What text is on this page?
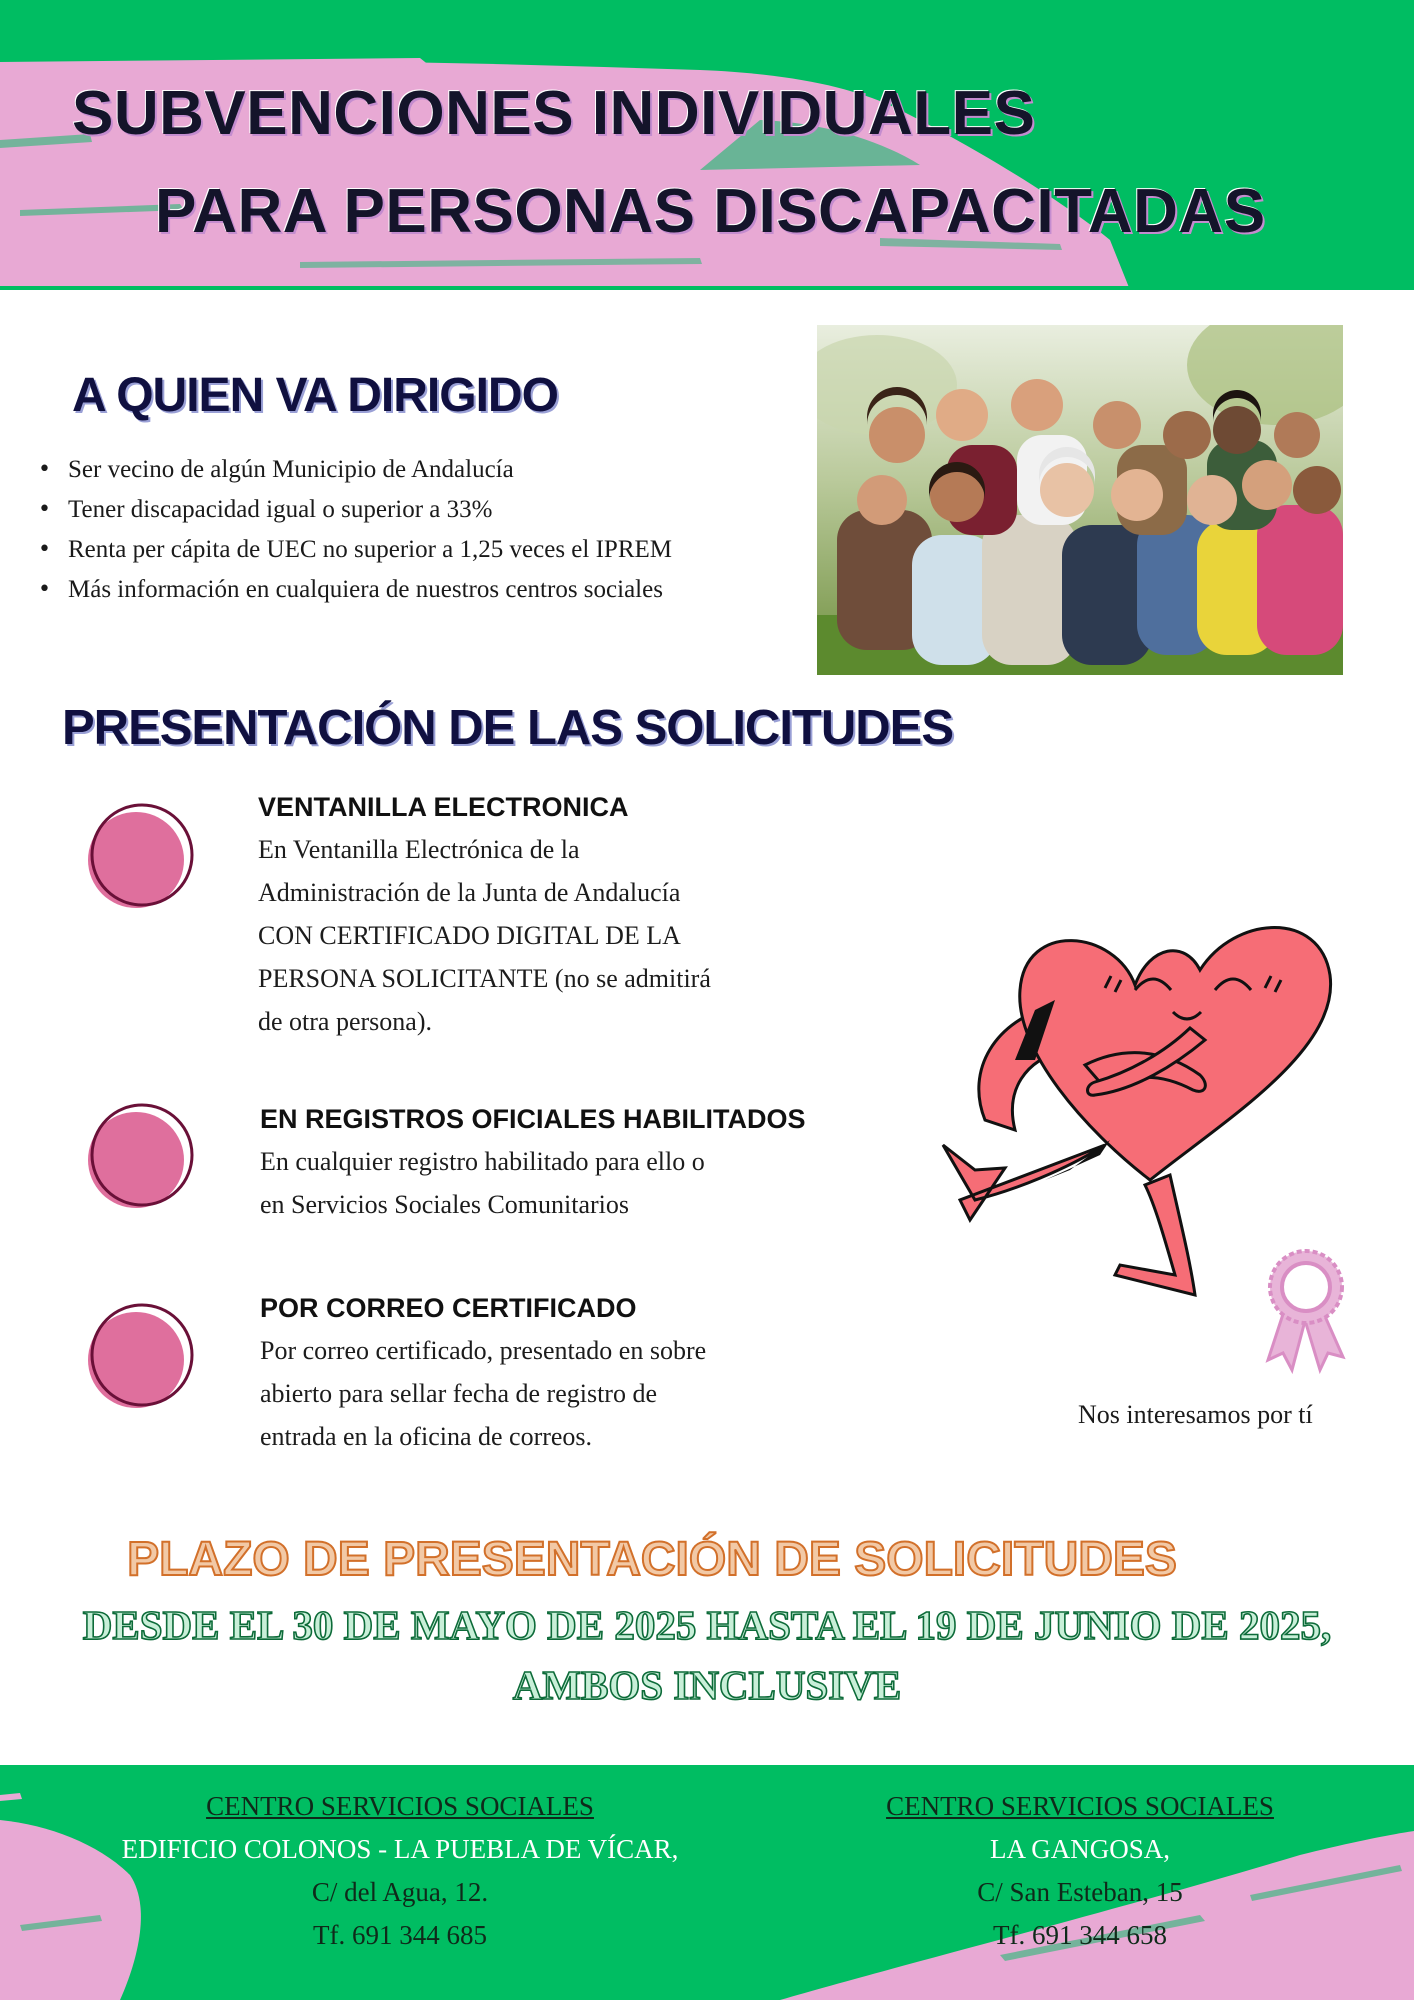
SUBVENCIONES INDIVIDUALES
PARA PERSONAS DISCAPACITADAS
A QUIEN VA DIRIGIDO
• Ser vecino de algún Municipio de Andalucía
• Tener discapacidad igual o superior a 33%
• Renta per cápita de UEC no superior a 1,25 veces el IPREM
• Más información en cualquiera de nuestros centros sociales
PRESENTACIÓN DE LAS SOLICITUDES
VENTANILLA ELECTRONICA
En Ventanilla Electrónica de la
Administración de la Junta de Andalucía
CON CERTIFICADO DIGITAL DE LA
PERSONA SOLICITANTE (no se admitirá
de otra persona).
EN REGISTROS OFICIALES HABILITADOS
En cualquier registro habilitado para ello o
en Servicios Sociales Comunitarios
POR CORREO CERTIFICADO
Por correo certificado, presentado en sobre
abierto para sellar fecha de registro de
entrada en la oficina de correos.
Nos interesamos por tí
PLAZO DE PRESENTACIÓN DE SOLICITUDES
DESDE EL 30 DE MAYO DE 2025 HASTA EL 19 DE JUNIO DE 2025,
AMBOS INCLUSIVE
CENTRO SERVICIOS SOCIALES
EDIFICIO COLONOS - LA PUEBLA DE VÍCAR,
C/ del Agua, 12.
Tf. 691 344 685
CENTRO SERVICIOS SOCIALES
LA GANGOSA,
C/ San Esteban, 15
Tf. 691 344 658
